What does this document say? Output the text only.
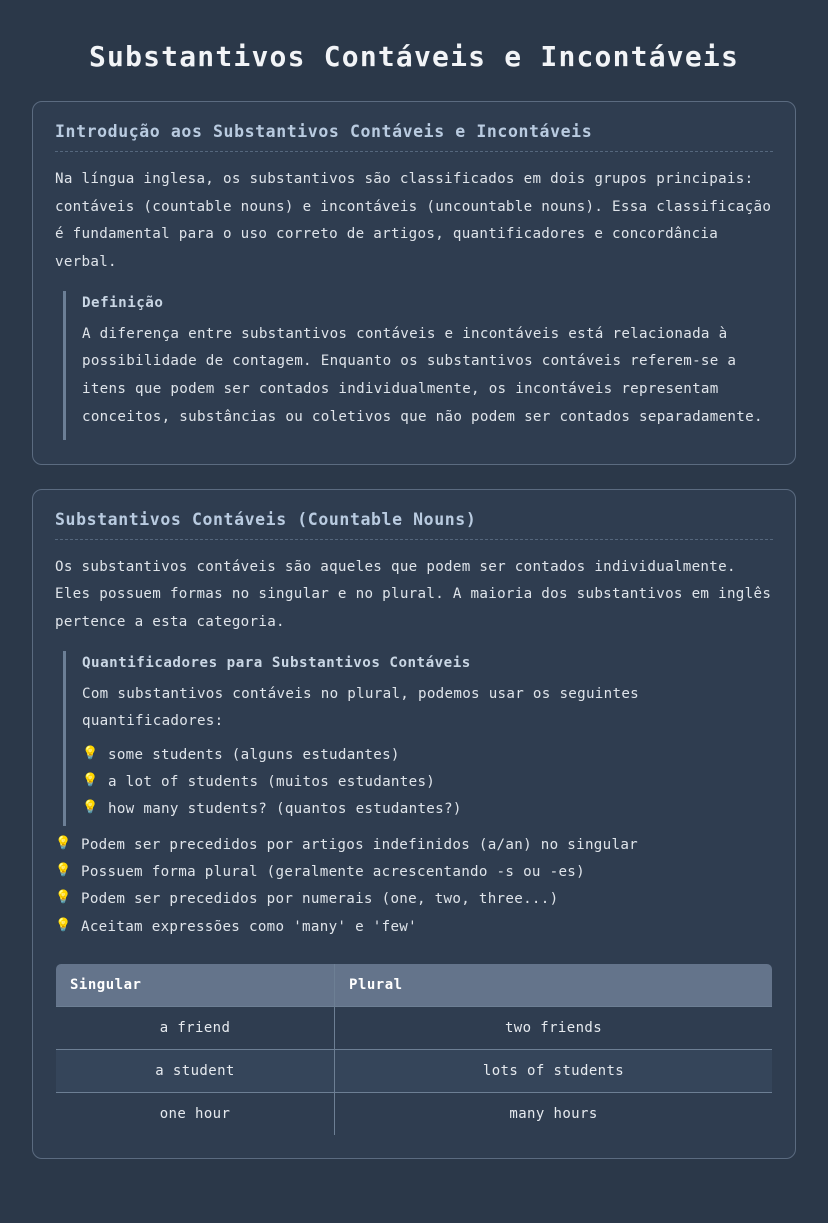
Substantivos Contáveis e Incontáveis
Introdução aos Substantivos Contáveis e Incontáveis

Na língua inglesa, os substantivos são classificados em dois grupos principais: contáveis (countable nouns) e incontáveis (uncountable nouns). Essa classificação é fundamental para o uso correto de artigos, quantificadores e concordância verbal.

Definição

A diferença entre substantivos contáveis e incontáveis está relacionada à possibilidade de contagem. Enquanto os substantivos contáveis referem-se a itens que podem ser contados individualmente, os incontáveis representam conceitos, substâncias ou coletivos que não podem ser contados separadamente.

Substantivos Contáveis (Countable Nouns)

Os substantivos contáveis são aqueles que podem ser contados individualmente. Eles possuem formas no singular e no plural. A maioria dos substantivos em inglês pertence a esta categoria.

Quantificadores para Substantivos Contáveis

Com substantivos contáveis no plural, podemos usar os seguintes quantificadores:

💡 some students (alguns estudantes)
💡 a lot of students (muitos estudantes)
💡 how many students? (quantos estudantes?)
💡 Podem ser precedidos por artigos indefinidos (a/an) no singular
💡 Possuem forma plural (geralmente acrescentando -s ou -es)
💡 Podem ser precedidos por numerais (one, two, three...)
💡 Aceitam expressões como 'many' e 'few'
Singular	Plural
a friend	two friends
a student	lots of students
one hour	many hours
